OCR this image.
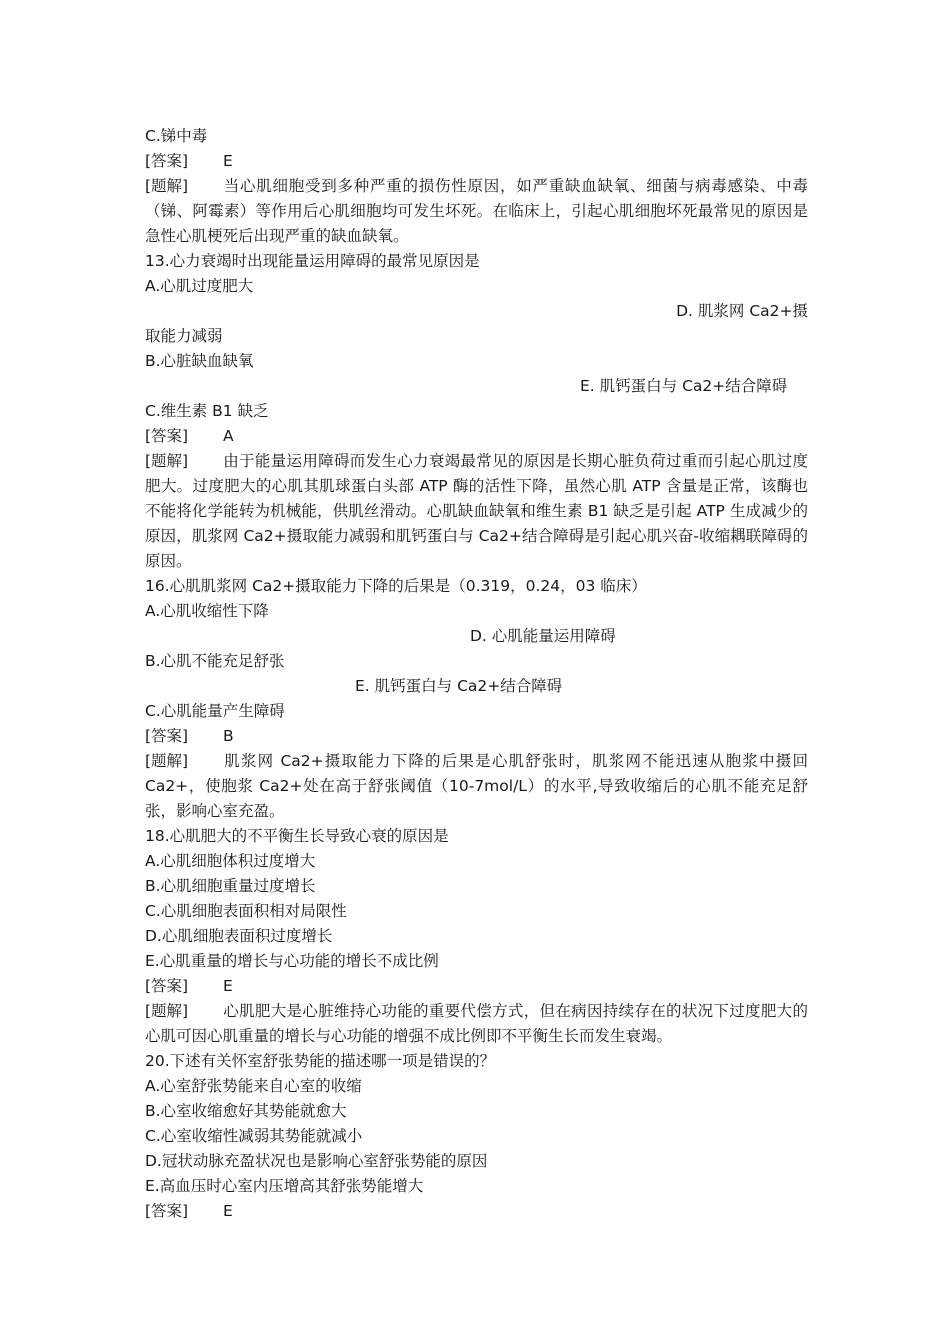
C.锑中毒
[答案] E
[题解] 当心肌细胞受到多种严重的损伤性原因，如严重缺血缺氧、细菌与病毒感染、中毒（锑、阿霉素）等作用后心肌细胞均可发生坏死。在临床上，引起心肌细胞坏死最常见的原因是急性心肌梗死后出现严重的缺血缺氧。
13.心力衰竭时出现能量运用障碍的最常见原因是
A.心肌过度肥大
D. 肌浆网 Ca2+摄
取能力减弱
B.心脏缺血缺氧
E. 肌钙蛋白与 Ca2+结合障碍
C.维生素 B1 缺乏
[答案] A
[题解] 由于能量运用障碍而发生心力衰竭最常见的原因是长期心脏负荷过重而引起心肌过度肥大。过度肥大的心肌其肌球蛋白头部 ATP 酶的活性下降，虽然心肌 ATP 含量是正常，该酶也不能将化学能转为机械能，供肌丝滑动。心肌缺血缺氧和维生素 B1 缺乏是引起 ATP 生成减少的原因，肌浆网 Ca2+摄取能力减弱和肌钙蛋白与 Ca2+结合障碍是引起心肌兴奋-收缩耦联障碍的原因。
16.心肌肌浆网 Ca2+摄取能力下降的后果是（0.319，0.24，03 临床）
A.心肌收缩性下降
D. 心肌能量运用障碍
B.心肌不能充足舒张
E. 肌钙蛋白与 Ca2+结合障碍
C.心肌能量产生障碍
[答案] B
[题解] 肌浆网 Ca2+摄取能力下降的后果是心肌舒张时，肌浆网不能迅速从胞浆中摄回 Ca2+，使胞浆 Ca2+处在高于舒张阈值（10-7mol/L）的水平,导致收缩后的心肌不能充足舒张，影响心室充盈。
18.心肌肥大的不平衡生长导致心衰的原因是
A.心肌细胞体积过度增大
B.心肌细胞重量过度增长
C.心肌细胞表面积相对局限性
D.心肌细胞表面积过度增长
E.心肌重量的增长与心功能的增长不成比例
[答案] E
[题解] 心肌肥大是心脏维持心功能的重要代偿方式，但在病因持续存在的状况下过度肥大的心肌可因心肌重量的增长与心功能的增强不成比例即不平衡生长而发生衰竭。
20.下述有关怀室舒张势能的描述哪一项是错误的？
A.心室舒张势能来自心室的收缩
B.心室收缩愈好其势能就愈大
C.心室收缩性减弱其势能就减小
D.冠状动脉充盈状况也是影响心室舒张势能的原因
E.高血压时心室内压增高其舒张势能增大
[答案] E
